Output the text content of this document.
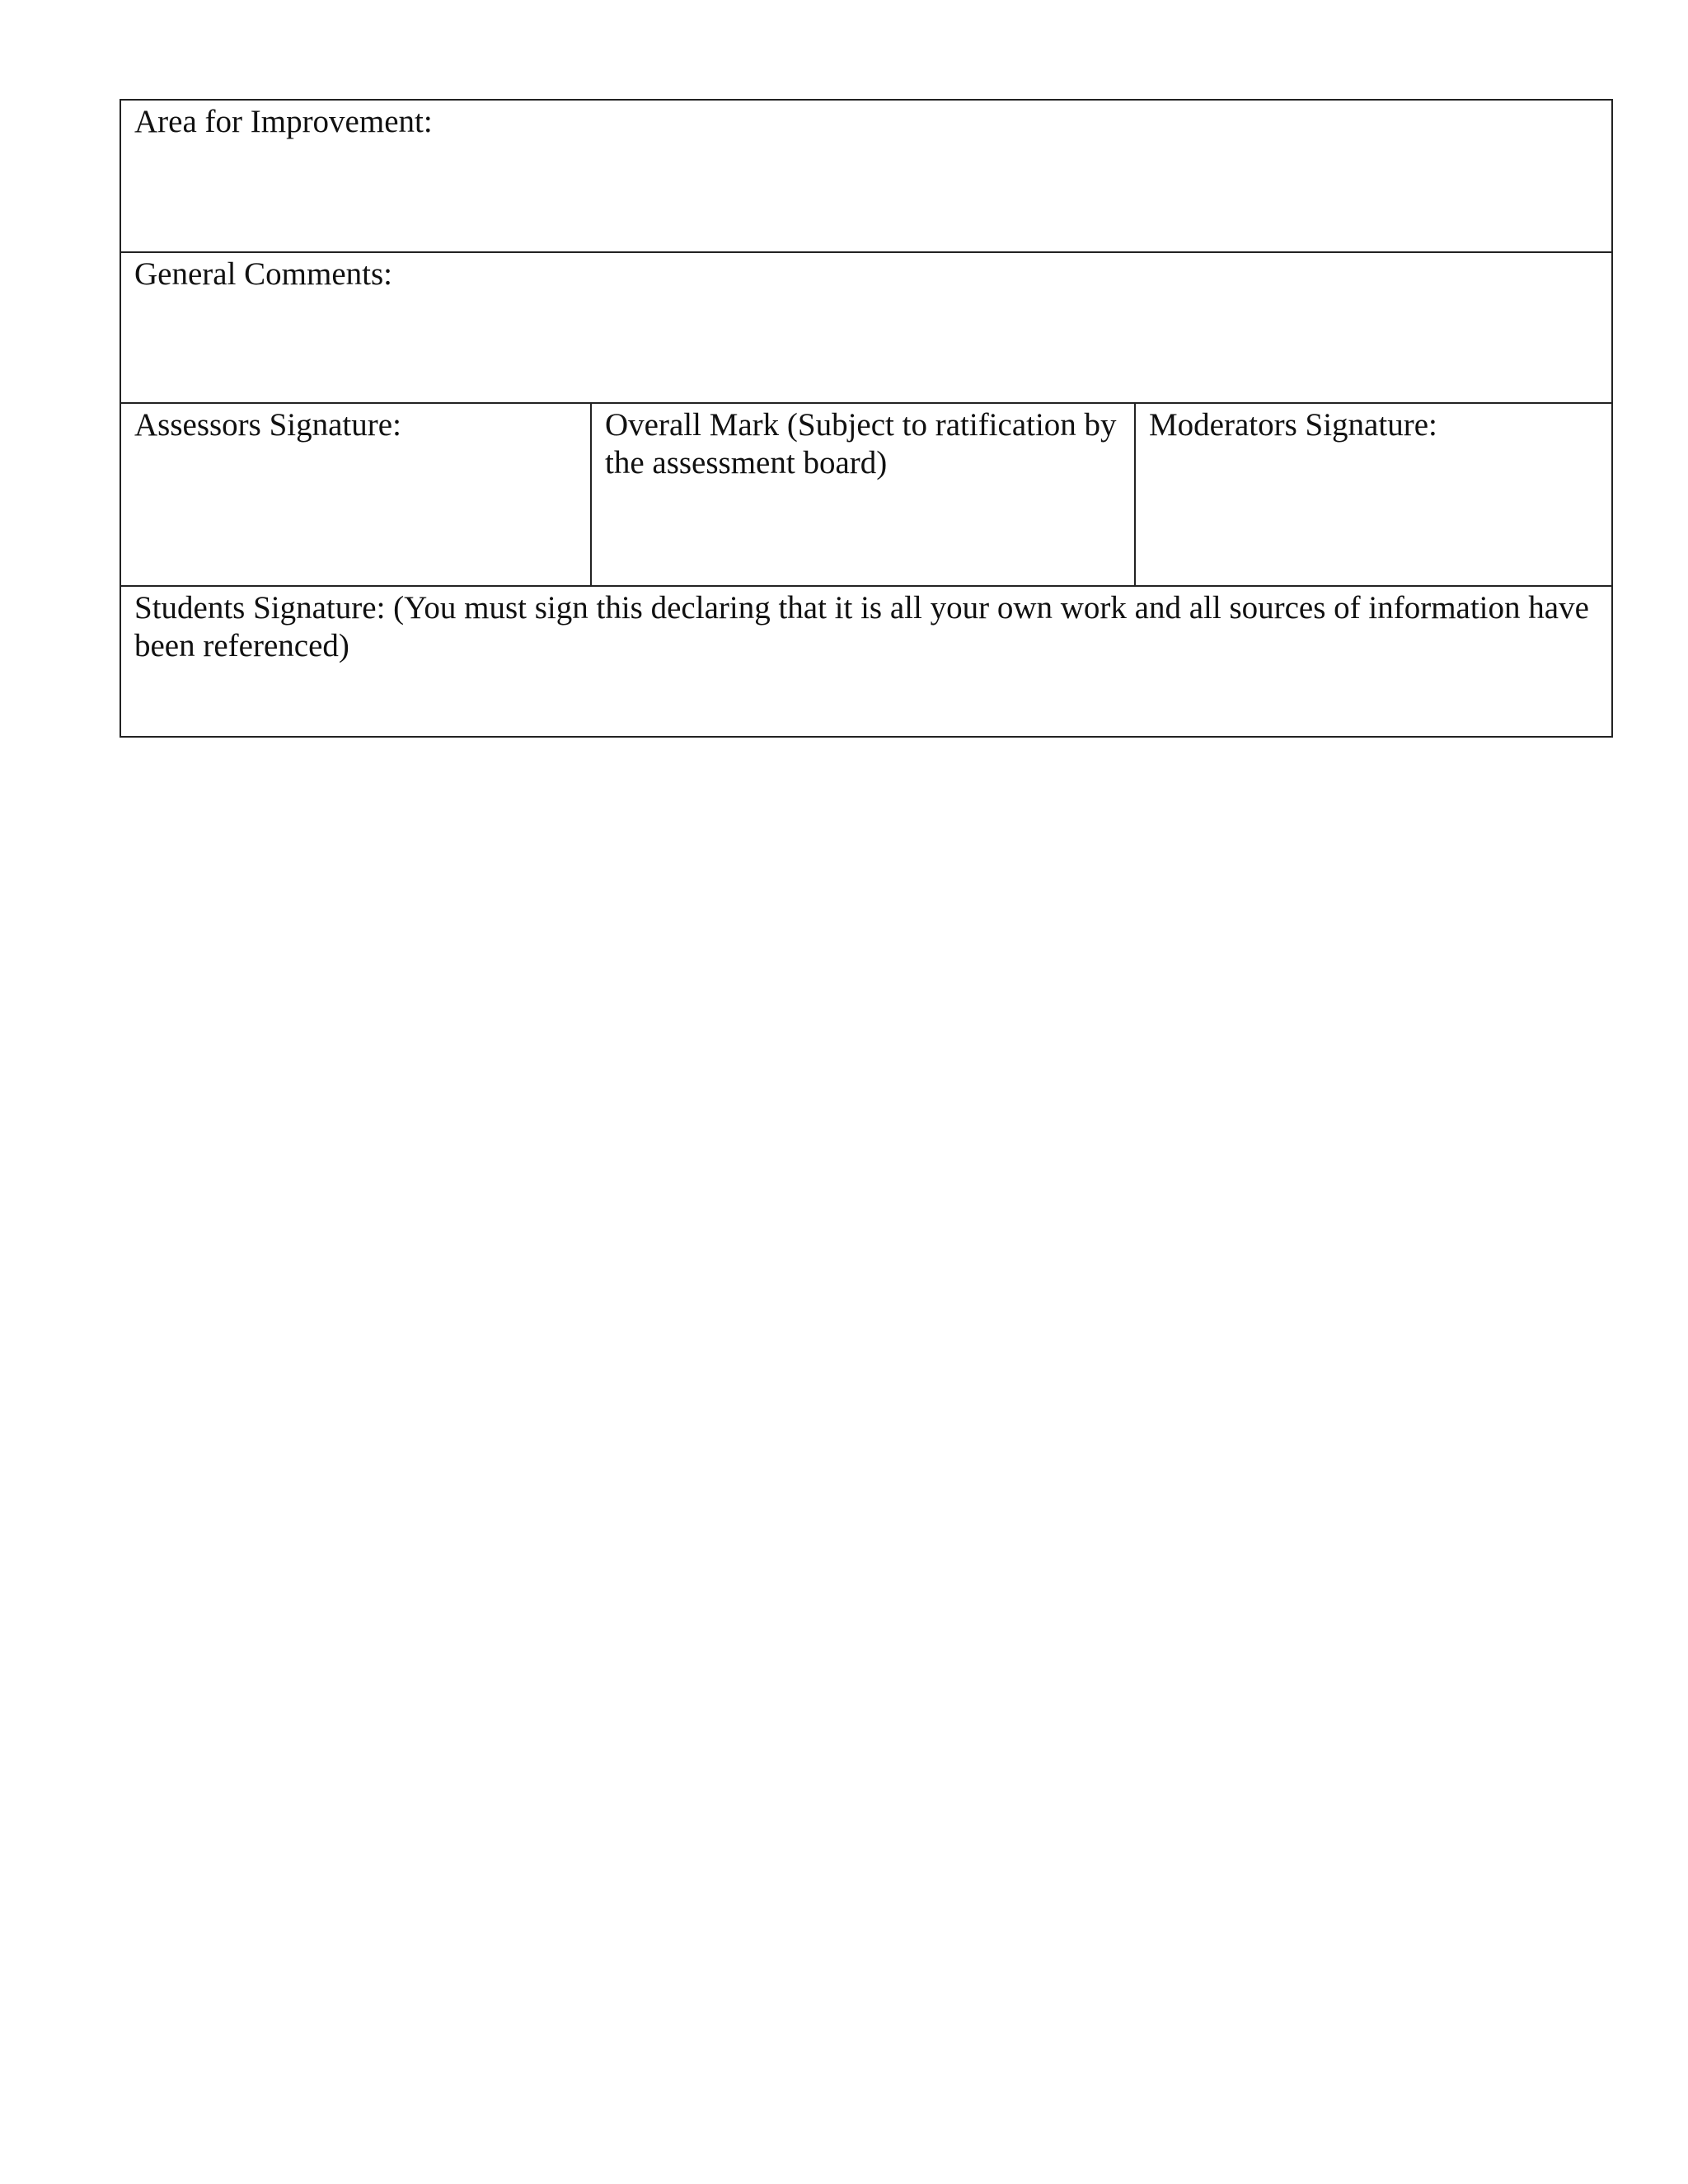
Area for Improvement:
General Comments:
Assessors Signature:	Overall Mark (Subject to ratification by the assessment board)	Moderators Signature:
Students Signature: (You must sign this declaring that it is all your own work and all sources of information have been referenced)
